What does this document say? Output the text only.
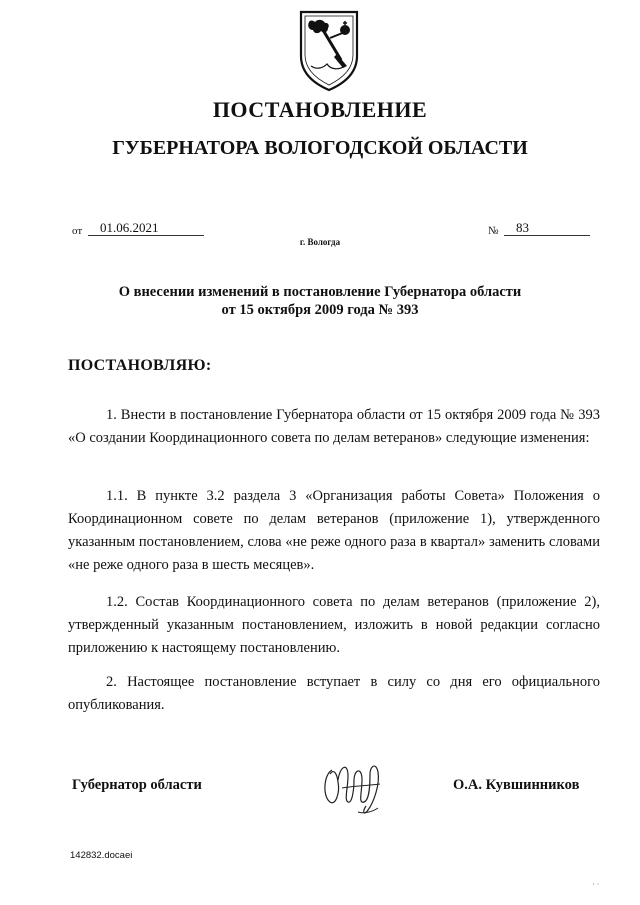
ПОСТАНОВЛЕНИЕ
ГУБЕРНАТОРА ВОЛОГОДСКОЙ ОБЛАСТИ
от	01.06.2021	№	83
г. Вологда
О внесении изменений в постановление Губернатора области
от 15 октября 2009 года № 393
ПОСТАНОВЛЯЮ:
1. Внести в постановление Губернатора области от 15 октября 2009 года № 393 «О создании Координационного совета по делам ветеранов» следующие изменения:
1.1. В пункте 3.2 раздела 3 «Организация работы Совета» Положения о Координационном совете по делам ветеранов (приложение 1), утвержденного указанным постановлением, слова «не реже одного раза в квартал» заменить словами «не реже одного раза в шесть месяцев».
1.2. Состав Координационного совета по делам ветеранов (приложение 2), утвержденный указанным постановлением, изложить в новой редакции согласно приложению к настоящему постановлению.
2. Настоящее постановление вступает в силу со дня его официального опубликования.
Губернатор области	О.А. Кувшинников
142832.docaei
· ·
